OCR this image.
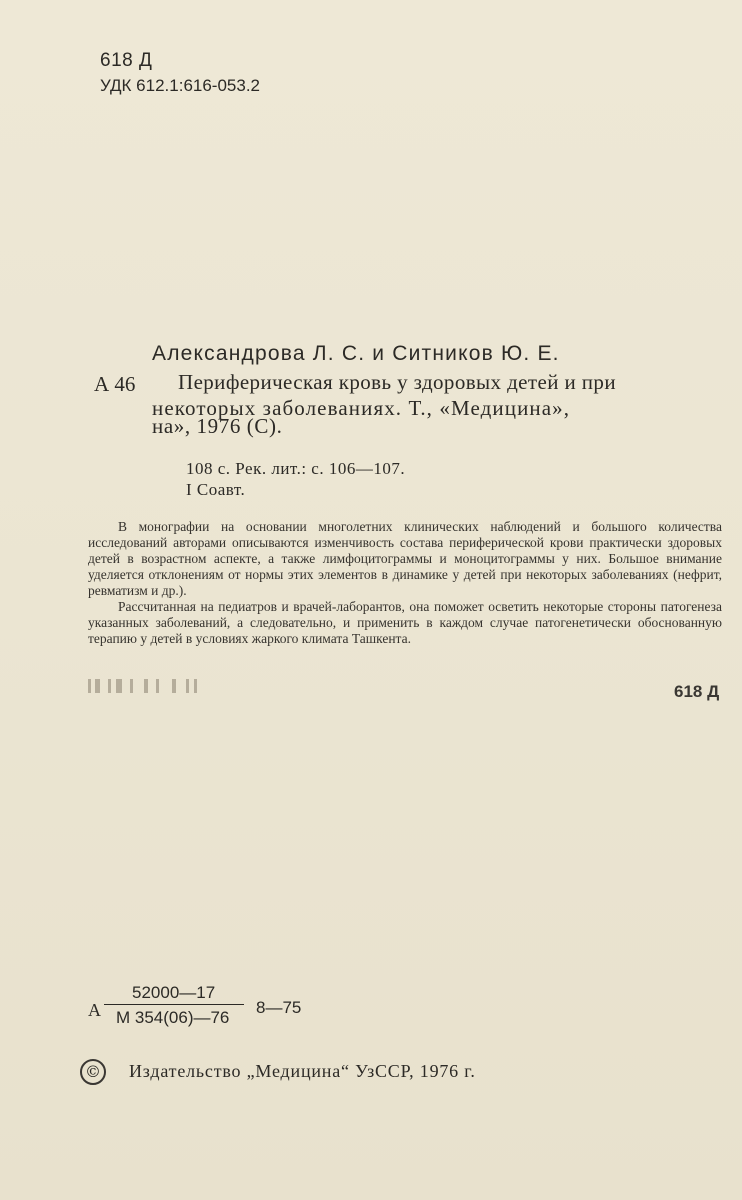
618 Д
УДК 612.1:616-053.2
Александрова Л. С. и Ситников Ю. Е.
А 46 Периферическая кровь у здоровых детей и при
некоторых заболеваниях. Т., «Медицина»,
на», 1976 (С).
108 с. Рек. лит.: с. 106—107.
I Соавт.

В монографии на основании многолетних клинических наблюдений и большого количества исследований авторами описываются изменчивость состава периферической крови практически здоровых детей в возрастном аспекте, а также лимфоцитограммы и моноцитограммы у них. Большое внимание уделяется отклонениям от нормы этих элементов в динамике у детей при некоторых заболеваниях (нефрит, ревматизм и др.).

Рассчитанная на педиатров и врачей-лаборантов, она поможет осветить некоторые стороны патогенеза указанных заболеваний, а следовательно, и применить в каждом случае патогенетически обоснованную терапию у детей в условиях жаркого климата Ташкента.

618 Д
А
52000—17
М 354(06)—76
8—75
© Издательство „Медицина“ УзССР, 1976 г.
